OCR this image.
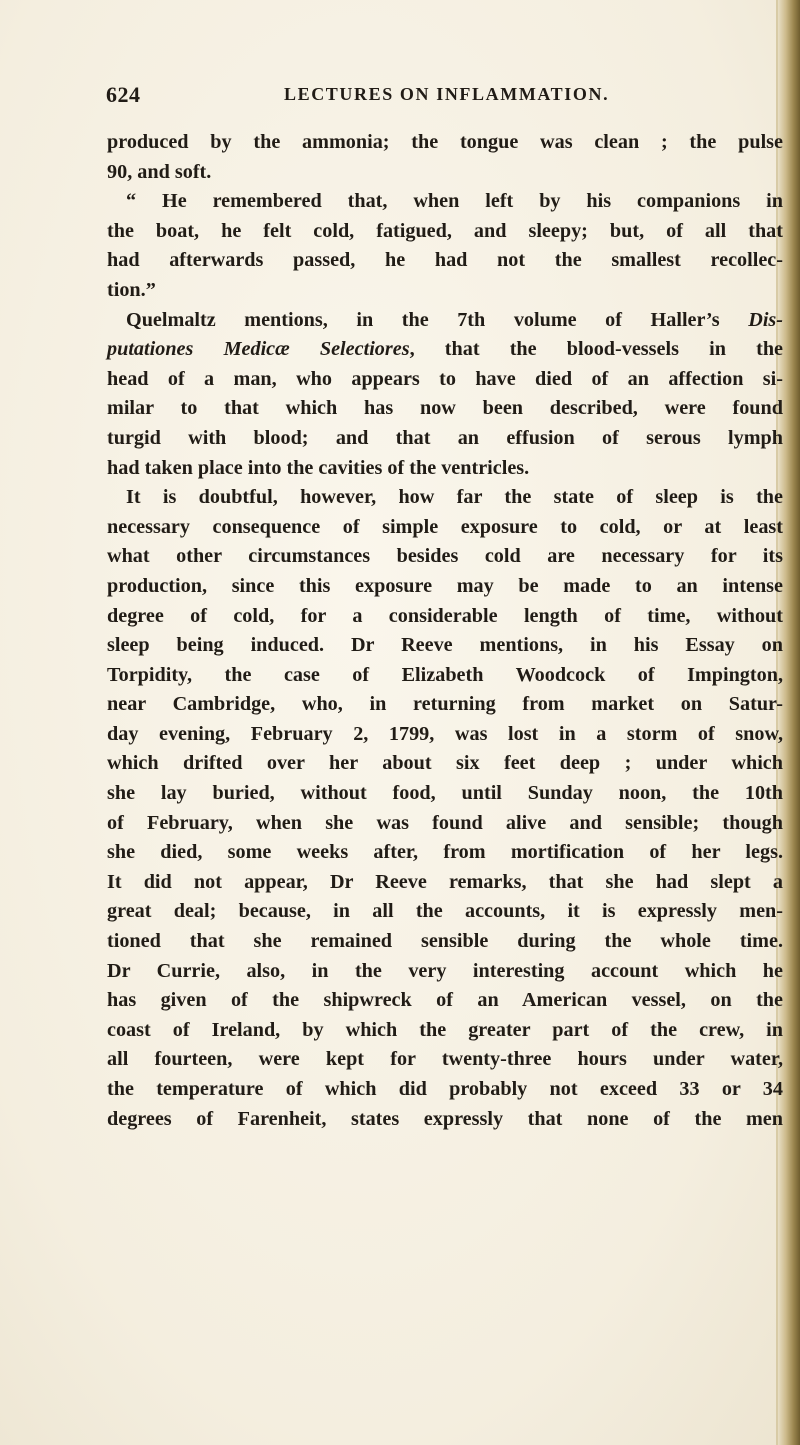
624	LECTURES ON INFLAMMATION.
produced by the ammonia; the tongue was clean ; the pulse
90, and soft.
“ He remembered that, when left by his companions in
the boat, he felt cold, fatigued, and sleepy; but, of all that
had afterwards passed, he had not the smallest recollec-
tion.”
Quelmaltz mentions, in the 7th volume of Haller’s Dis-
putationes Medicæ Selectiores, that the blood-vessels in the
head of a man, who appears to have died of an affection si-
milar to that which has now been described, were found
turgid with blood; and that an effusion of serous lymph
had taken place into the cavities of the ventricles.
It is doubtful, however, how far the state of sleep is the
necessary consequence of simple exposure to cold, or at least
what other circumstances besides cold are necessary for its
production, since this exposure may be made to an intense
degree of cold, for a considerable length of time, without
sleep being induced. Dr Reeve mentions, in his Essay on
Torpidity, the case of Elizabeth Woodcock of Impington,
near Cambridge, who, in returning from market on Satur-
day evening, February 2, 1799, was lost in a storm of snow,
which drifted over her about six feet deep ; under which
she lay buried, without food, until Sunday noon, the 10th
of February, when she was found alive and sensible; though
she died, some weeks after, from mortification of her legs.
It did not appear, Dr Reeve remarks, that she had slept a
great deal; because, in all the accounts, it is expressly men-
tioned that she remained sensible during the whole time.
Dr Currie, also, in the very interesting account which he
has given of the shipwreck of an American vessel, on the
coast of Ireland, by which the greater part of the crew, in
all fourteen, were kept for twenty-three hours under water,
the temperature of which did probably not exceed 33 or 34
degrees of Farenheit, states expressly that none of the men
